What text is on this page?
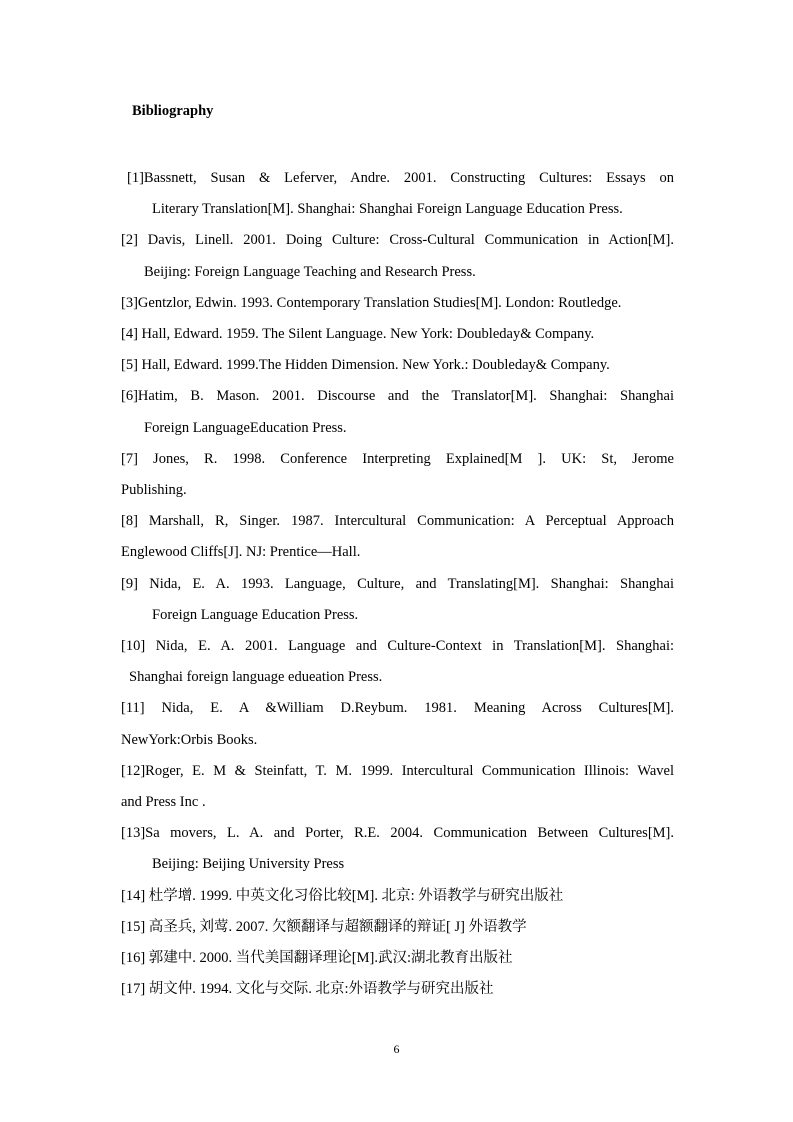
Bibliography
[1]Bassnett, Susan & Leferver, Andre. 2001. Constructing Cultures: Essays on
Literary Translation[M]. Shanghai: Shanghai Foreign Language Education Press.
[2] Davis, Linell. 2001. Doing Culture: Cross-Cultural Communication in Action[M].
Beijing: Foreign Language Teaching and Research Press.
[3]Gentzlor, Edwin. 1993. Contemporary Translation Studies[M]. London: Routledge.
[4] Hall, Edward. 1959. The Silent Language. New York: Doubleday& Company.
[5] Hall, Edward. 1999.The Hidden Dimension. New York.: Doubleday& Company.
[6]Hatim, B. Mason. 2001. Discourse and the Translator[M]. Shanghai: Shanghai
Foreign LanguageEducation Press.
[7] Jones, R. 1998. Conference Interpreting Explained[M ]. UK: St, Jerome
Publishing.
[8] Marshall, R, Singer. 1987. Intercultural Communication: A Perceptual Approach
Englewood Cliffs[J]. NJ: Prentice—Hall.
[9] Nida, E. A. 1993. Language, Culture, and Translating[M]. Shanghai: Shanghai
Foreign Language Education Press.
[10] Nida, E. A. 2001. Language and Culture-Context in Translation[M]. Shanghai:
Shanghai foreign language edueation Press.
[11] Nida, E. A &William D.Reybum. 1981. Meaning Across Cultures[M].
NewYork:Orbis Books.
[12]Roger, E. M & Steinfatt, T. M. 1999. Intercultural Communication Illinois: Wavel
and Press Inc .
[13]Sa movers, L. A. and Porter, R.E. 2004. Communication Between Cultures[M].
Beijing: Beijing University Press
[14] 杜学增. 1999. 中英文化习俗比较[M]. 北京: 外语教学与研究出版社
[15] 高圣兵, 刘莺. 2007. 欠额翻译与超额翻译的辩证[ J] 外语教学
[16] 郭建中. 2000. 当代美国翻译理论[M].武汉:湖北教育出版社
[17] 胡文仲. 1994. 文化与交际. 北京:外语教学与研究出版社
6
